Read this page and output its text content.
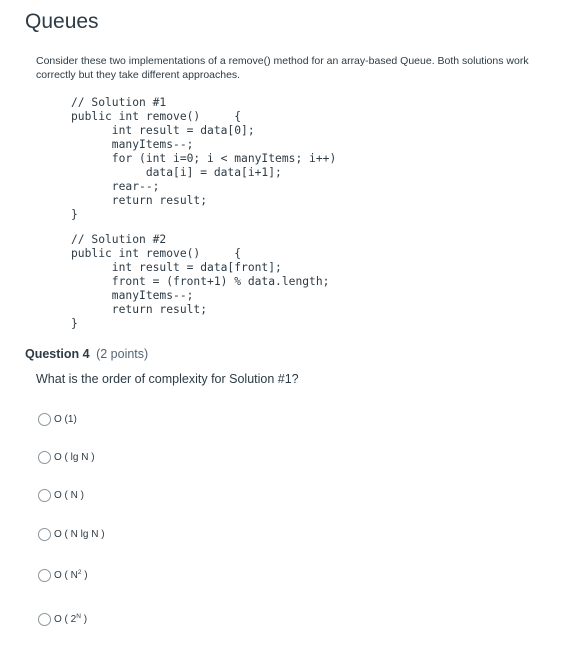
Queues
Consider these two implementations of a remove() method for an array-based Queue. Both solutions work correctly but they take different approaches.
// Solution #1
public int remove()     {
int result = data[0];
manyItems--;
for (int i=0; i < manyItems; i++)
data[i] = data[i+1];
rear--;
return result;
}
// Solution #2
public int remove()     {
int result = data[front];
front = (front+1) % data.length;
manyItems--;
return result;
}
Question 4 (2 points)
What is the order of complexity for Solution #1?
O (1)
O ( lg N )
O ( N )
O ( N lg N )
O ( $N^2$ )
O ( $2^N$ )
